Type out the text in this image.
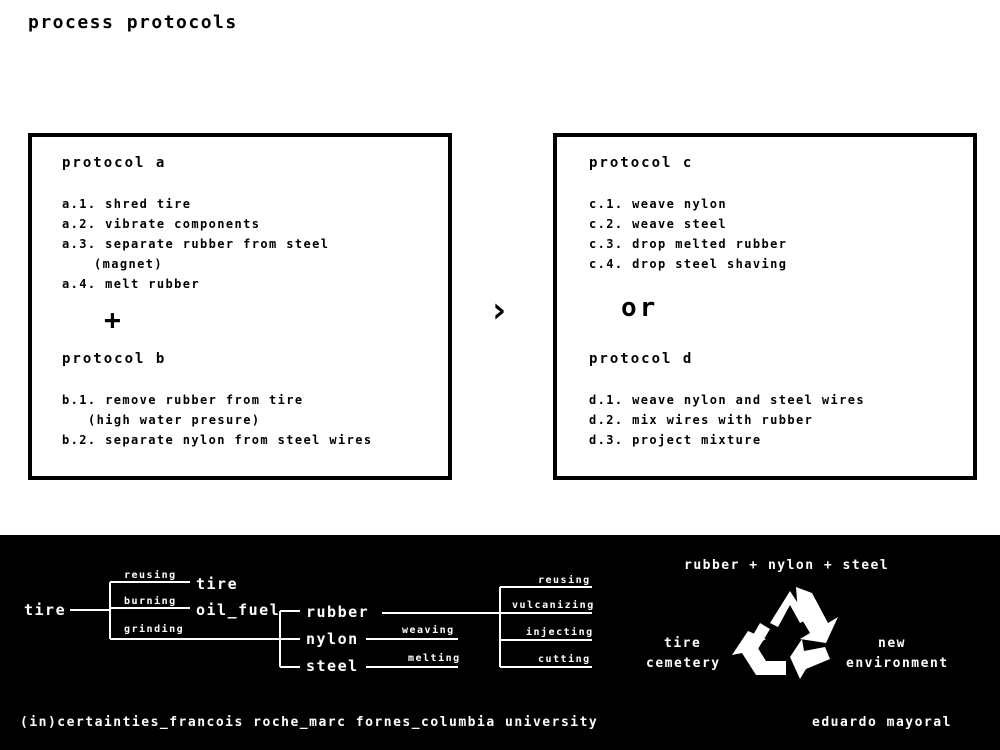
process protocols
protocol a
a.1. shred tire
a.2. vibrate components
a.3. separate rubber from steel
(magnet)
a.4. melt rubber
+
protocol b
b.1. remove rubber from tire
(high water presure)
b.2. separate nylon from steel wires
›
protocol c
c.1. weave nylon
c.2. weave steel
c.3. drop melted rubber
c.4. drop steel shaving
or
protocol d
d.1. weave nylon and steel wires
d.2. mix wires with rubber
d.3. project mixture
tire
reusing
burning
grinding
tire
oil_fuel rubber
nylon
steel
weaving
melting
reusing
vulcanizing
injecting
cutting
rubber + nylon + steel
tire
cemetery
new
environment
(in)certainties_francois roche_marc fornes_columbia university	eduardo mayoral
